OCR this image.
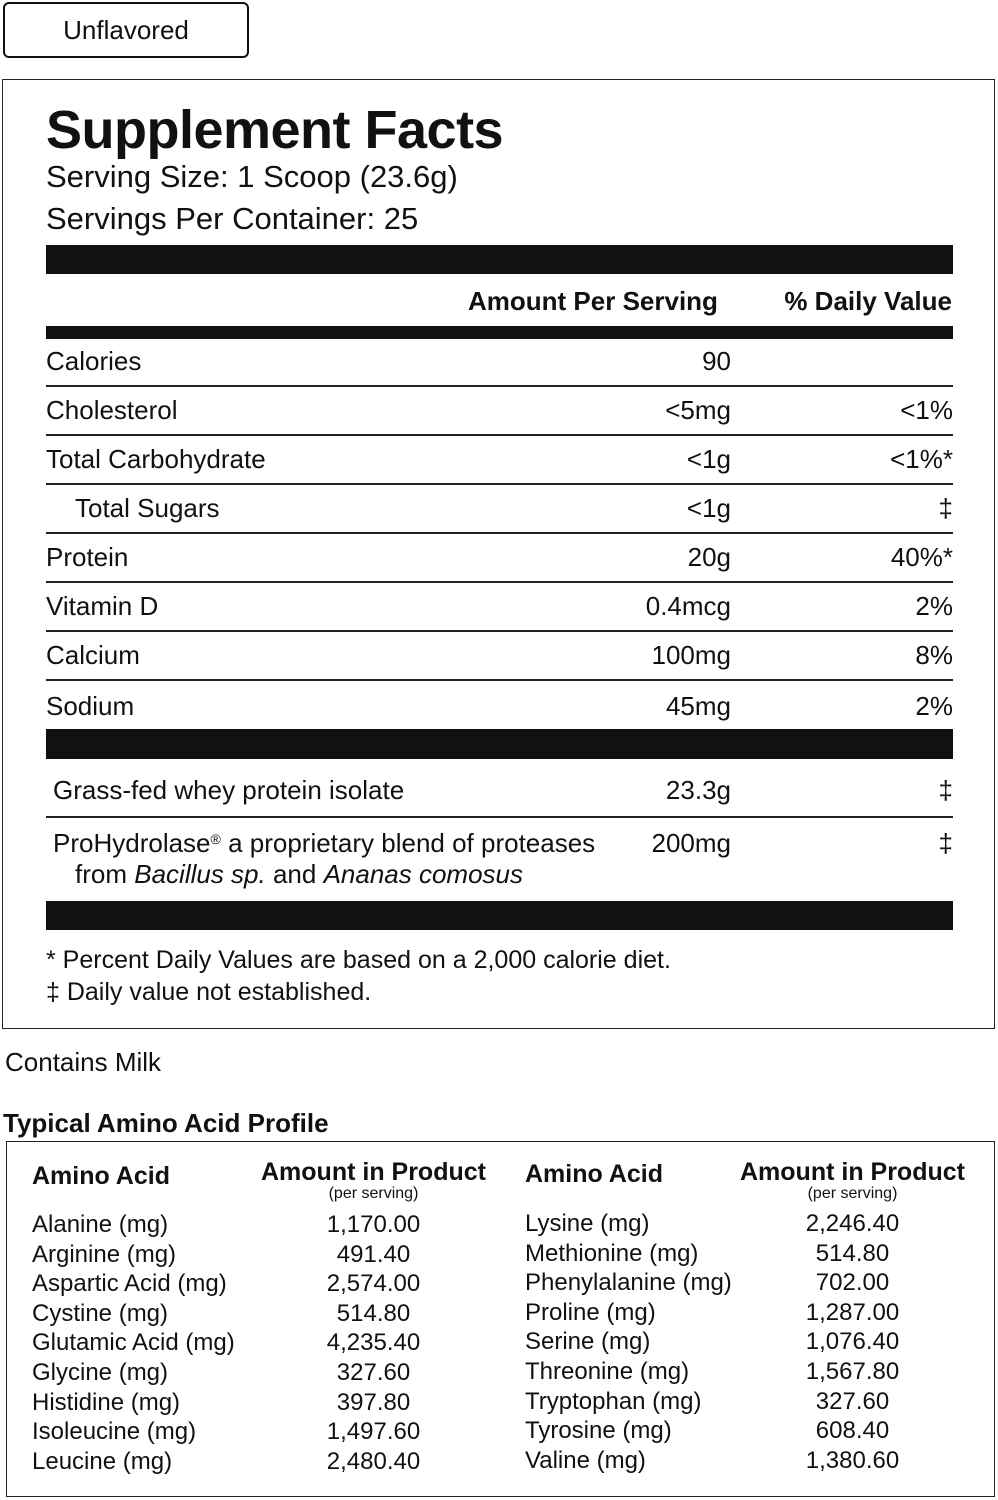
Unflavored
Supplement Facts
Serving Size: 1 Scoop (23.6g)
Servings Per Container: 25
Amount Per Serving	% Daily Value
Calories	90
Cholesterol	<5mg	<1%
Total Carbohydrate	<1g	<1%*
Total Sugars	<1g	‡
Protein	20g	40%*
Vitamin D	0.4mcg	2%
Calcium	100mg	8%
Sodium	45mg	2%
Grass-fed whey protein isolate	23.3g	‡
ProHydrolase® a proprietary blend of proteases
from Bacillus sp. and Ananas comosus
200mg	‡
* Percent Daily Values are based on a 2,000 calorie diet.
‡ Daily value not established.
Contains Milk
Typical Amino Acid Profile
Amino Acid	Amount in Product
(per serving)
Amino Acid	Amount in Product
(per serving)
Alanine (mg)	1,170.00
Arginine (mg)	491.40
Aspartic Acid (mg)	2,574.00
Cystine (mg)	514.80
Glutamic Acid (mg)	4,235.40
Glycine (mg)	327.60
Histidine (mg)	397.80
Isoleucine (mg)	1,497.60
Leucine (mg)	2,480.40
Lysine (mg)	2,246.40
Methionine (mg)	514.80
Phenylalanine (mg)	702.00
Proline (mg)	1,287.00
Serine (mg)	1,076.40
Threonine (mg)	1,567.80
Tryptophan (mg)	327.60
Tyrosine (mg)	608.40
Valine (mg)	1,380.60
